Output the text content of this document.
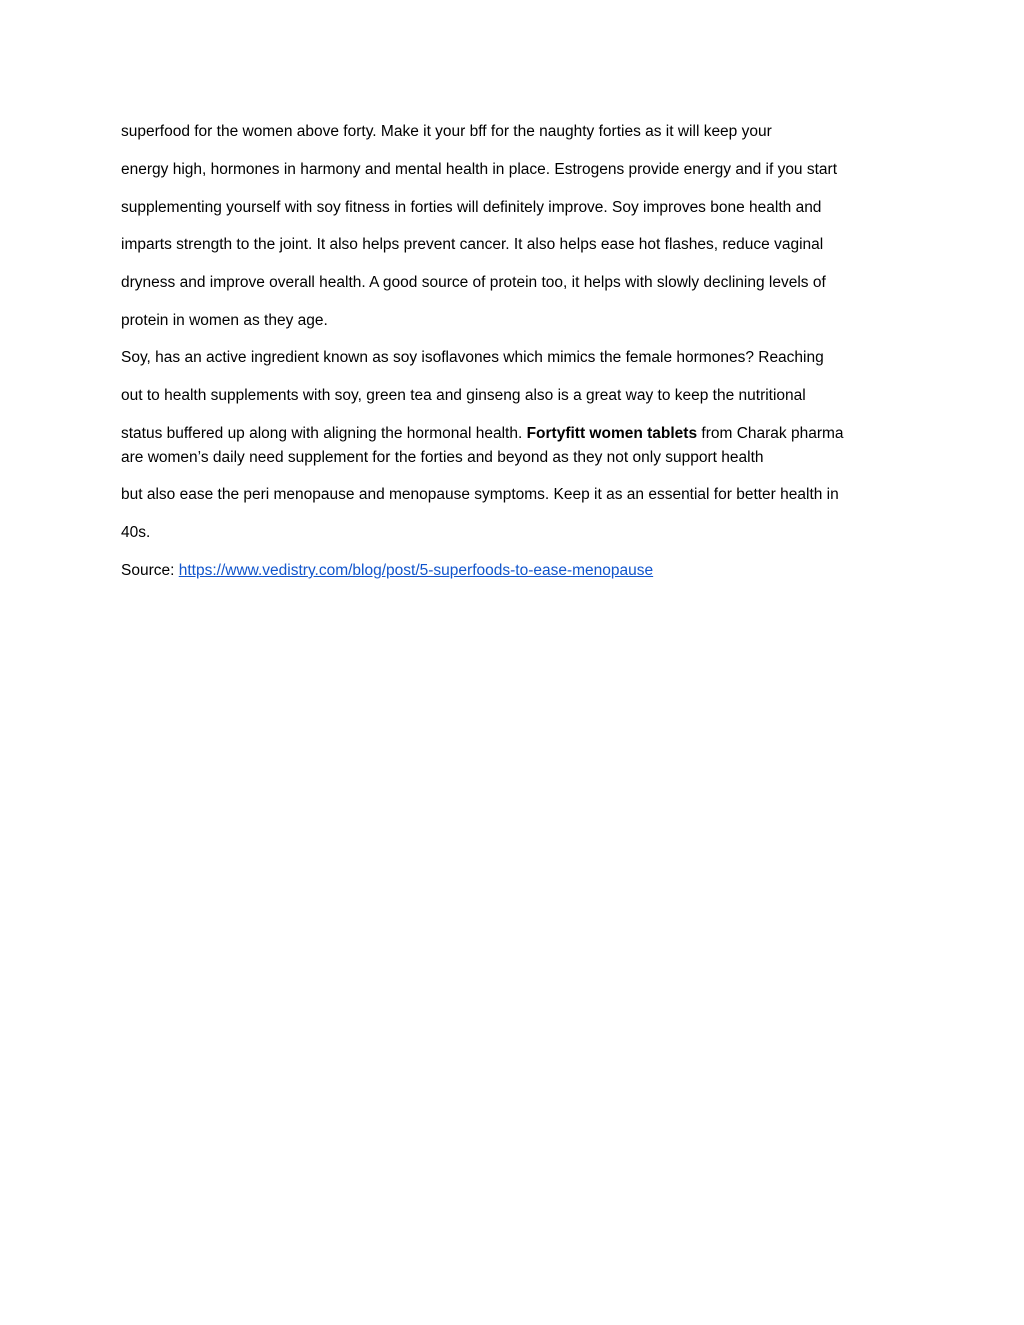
superfood for the women above forty. Make it your bff for the naughty forties as it will keep your
energy high, hormones in harmony and mental health in place. Estrogens provide energy and if you start
supplementing yourself with soy fitness in forties will definitely improve. Soy improves bone health and
imparts strength to the joint. It also helps prevent cancer. It also helps ease hot flashes, reduce vaginal
dryness and improve overall health. A good source of protein too, it helps with slowly declining levels of
protein in women as they age.
Soy, has an active ingredient known as soy isoflavones which mimics the female hormones? Reaching
out to health supplements with soy, green tea and ginseng also is a great way to keep the nutritional
status buffered up along with aligning the hormonal health. Fortyfitt women tablets from Charak pharma
are women’s daily need supplement for the forties and beyond as they not only support health
but also ease the peri menopause and menopause symptoms. Keep it as an essential for better health in
40s.
Source: https://www.vedistry.com/blog/post/5-superfoods-to-ease-menopause
